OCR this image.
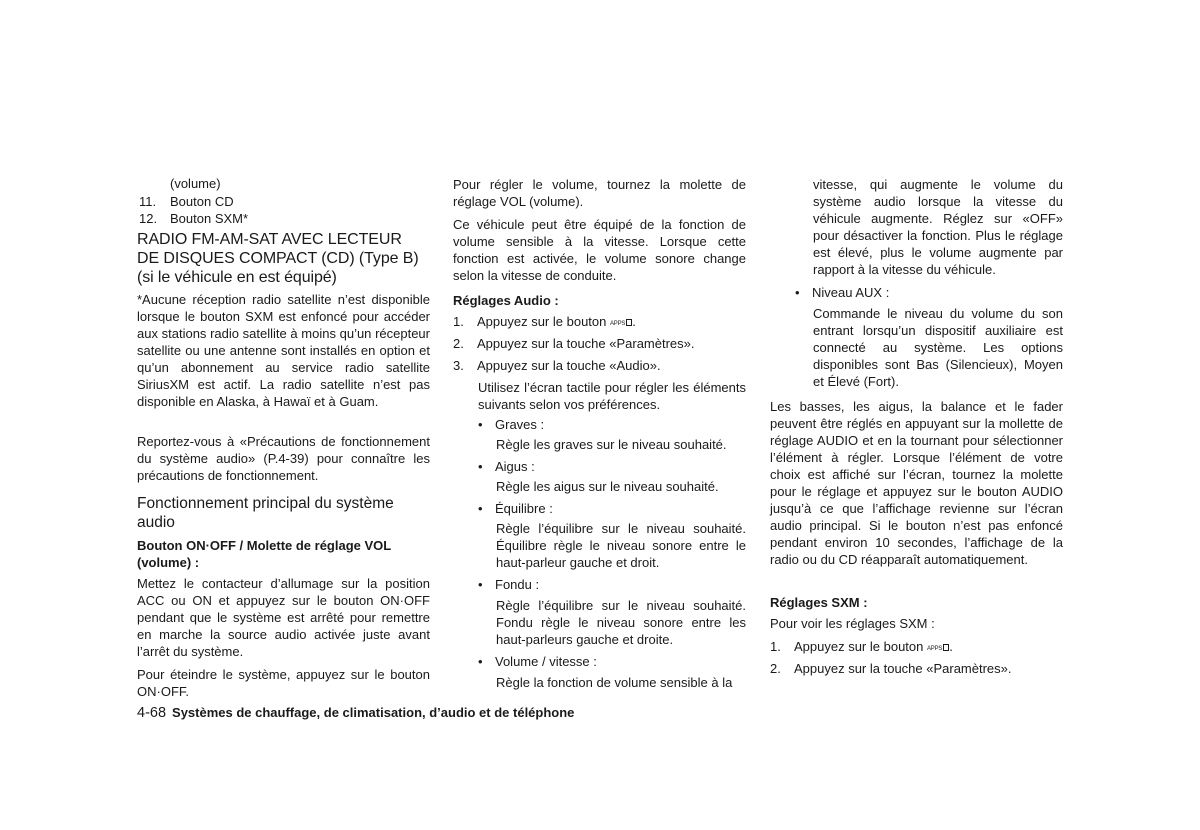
(volume)

11. Bouton CD

12. Bouton SXM*

RADIO FM-AM-SAT AVEC LECTEUR
DE DISQUES COMPACT (CD) (Type B)
(si le véhicule en est équipé)

*Aucune réception radio satellite n’est disponible lorsque le bouton SXM est enfoncé pour accéder aux stations radio satellite à moins qu’un récepteur satellite ou une antenne sont installés en option et qu’un abonnement au service radio satellite SiriusXM est actif. La radio satellite n’est pas disponible en Alaska, à Hawaï et à Guam.

Reportez-vous à «Précautions de fonctionnement du système audio» (P.4-39) pour connaître les précautions de fonctionnement.

Fonctionnement principal du système
audio
Bouton ON·OFF / Molette de réglage VOL
(volume) :

Mettez le contacteur d’allumage sur la position ACC ou ON et appuyez sur le bouton ON·OFF pendant que le système est arrêté pour remettre en marche la source audio activée juste avant l’arrêt du système.

Pour éteindre le système, appuyez sur le bouton ON·OFF.

Pour régler le volume, tournez la molette de réglage VOL (volume).

Ce véhicule peut être équipé de la fonction de volume sensible à la vitesse. Lorsque cette fonction est activée, le volume sonore change selon la vitesse de conduite.

Réglages Audio :

1. Appuyez sur le bouton APPS .

2. Appuyez sur la touche «Paramètres».

3. Appuyez sur la touche «Audio».

Utilisez l’écran tactile pour régler les éléments suivants selon vos préférences.

• Graves :

Règle les graves sur le niveau souhaité.

• Aigus :

Règle les aigus sur le niveau souhaité.

• Équilibre :

Règle l’équilibre sur le niveau souhaité. Équilibre règle le niveau sonore entre le haut-parleur gauche et droit.

• Fondu :

Règle l’équilibre sur le niveau souhaité. Fondu règle le niveau sonore entre les haut-parleurs gauche et droite.

• Volume / vitesse :

Règle la fonction de volume sensible à la

vitesse, qui augmente le volume du système audio lorsque la vitesse du véhicule augmente. Réglez sur «OFF» pour désactiver la fonction. Plus le réglage est élevé, plus le volume augmente par rapport à la vitesse du véhicule.

• Niveau AUX :

Commande le niveau du volume du son entrant lorsqu’un dispositif auxiliaire est connecté au système. Les options disponibles sont Bas (Silencieux), Moyen et Élevé (Fort).

Les basses, les aigus, la balance et le fader peuvent être réglés en appuyant sur la mollette de réglage AUDIO et en la tournant pour sélectionner l’élément à régler. Lorsque l’élément de votre choix est affiché sur l’écran, tournez la molette pour le réglage et appuyez sur le bouton AUDIO jusqu’à ce que l’affichage revienne sur l’écran audio principal. Si le bouton n’est pas enfoncé pendant environ 10 secondes, l’affichage de la radio ou du CD réapparaît automatiquement.

Réglages SXM :

Pour voir les réglages SXM :

1. Appuyez sur le bouton APPS .

2. Appuyez sur la touche «Paramètres».

4-68 Systèmes de chauffage, de climatisation, d’audio et de téléphone
